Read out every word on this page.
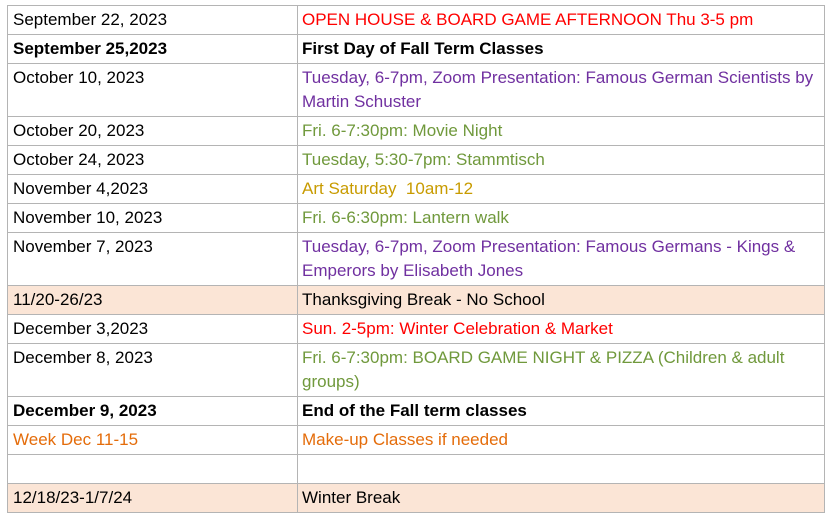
September 22, 2023	OPEN HOUSE & BOARD GAME AFTERNOON Thu 3-5 pm
September 25,2023	First Day of Fall Term Classes
October 10, 2023	Tuesday, 6-7pm, Zoom Presentation: Famous German Scientists by Martin Schuster
October 20, 2023	Fri. 6-7:30pm: Movie Night
October 24, 2023	Tuesday, 5:30-7pm: Stammtisch
November 4,2023	Art Saturday  10am-12
November 10, 2023	Fri. 6-6:30pm: Lantern walk
November 7, 2023	Tuesday, 6-7pm, Zoom Presentation: Famous Germans - Kings & Emperors by Elisabeth Jones
11/20-26/23	Thanksgiving Break - No School
December 3,2023	Sun. 2-5pm: Winter Celebration & Market
December 8, 2023	Fri. 6-7:30pm: BOARD GAME NIGHT & PIZZA (Children & adult groups)
December 9, 2023	End of the Fall term classes
Week Dec 11-15	Make-up Classes if needed

12/18/23-1/7/24	Winter Break
